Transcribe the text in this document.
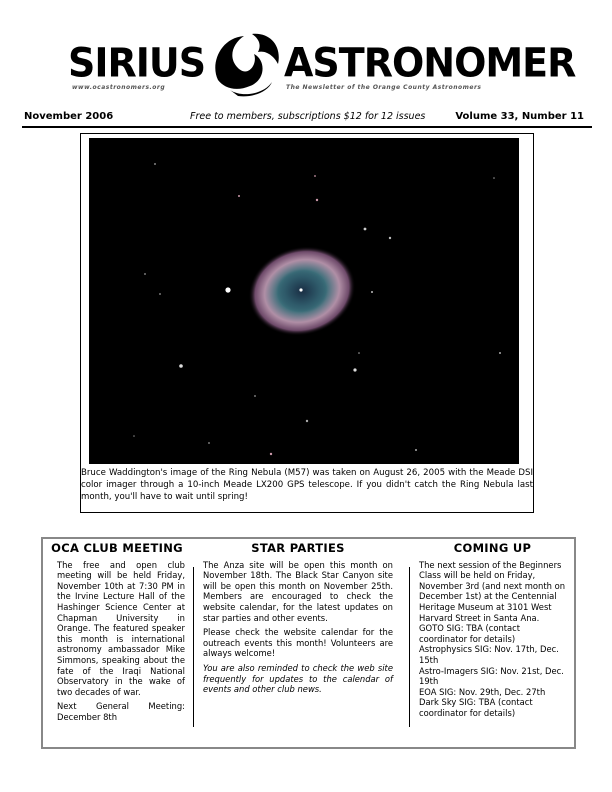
SIRIUS ASTRONOMER
www.ocastronomers.org	The Newsletter of the Orange County Astronomers
November 2006	Free to members, subscriptions $12 for 12 issues	Volume 33, Number 11
Bruce Waddington's image of the Ring Nebula (M57) was taken on August 26, 2005 with the Meade DSI color imager through a 10-inch Meade LX200 GPS telescope. If you didn't catch the Ring Nebula last month, you'll have to wait until spring!
OCA CLUB MEETING

The free and open club meeting will be held Friday, November 10th at 7:30 PM in the Irvine Lecture Hall of the Hashinger Science Center at Chapman University in Orange. The featured speaker this month is international astronomy ambassador Mike Simmons, speaking about the fate of the Iraqi National Observatory in the wake of two decades of war.

Next General Meeting: December 8th

STAR PARTIES

The Anza site will be open this month on November 18th. The Black Star Canyon site will be open this month on November 25th. Members are encouraged to check the website calendar, for the latest updates on star parties and other events.

Please check the website calendar for the outreach events this month! Volunteers are always welcome!

You are also reminded to check the web site frequently for updates to the calendar of events and other club news.

COMING UP

The next session of the Beginners Class will be held on Friday, November 3rd (and next month on December 1st) at the Centennial Heritage Museum at 3101 West Harvard Street in Santa Ana.

GOTO SIG: TBA (contact coordinator for details)

Astrophysics SIG: Nov. 17th, Dec. 15th

Astro-Imagers SIG: Nov. 21st, Dec. 19th

EOA SIG: Nov. 29th, Dec. 27th

Dark Sky SIG: TBA (contact coordinator for details)
